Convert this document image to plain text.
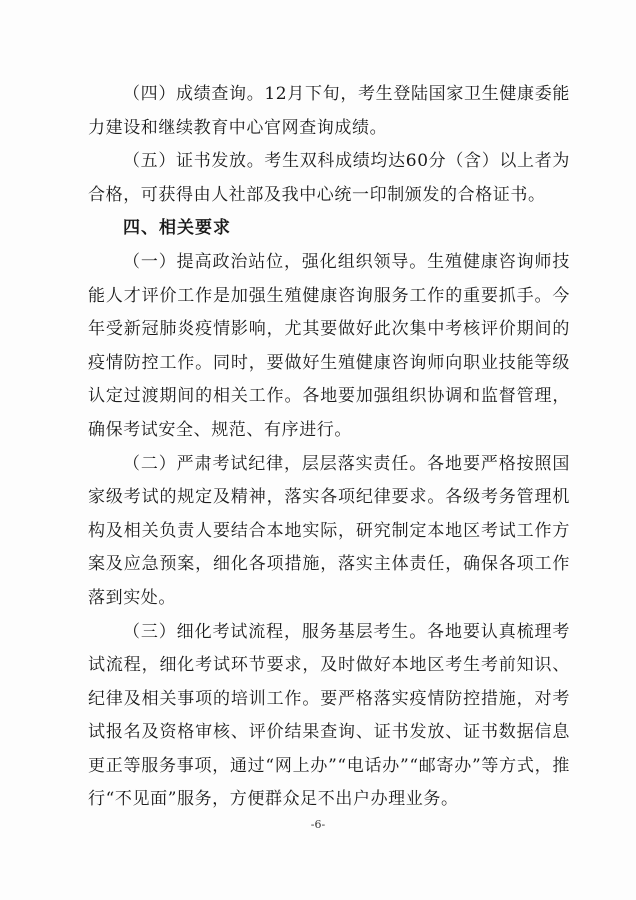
（四）成绩查询。12月下旬，考生登陆国家卫生健康委能力建设和继续教育中心官网查询成绩。

（五）证书发放。考生双科成绩均达60分（含）以上者为合格，可获得由人社部及我中心统一印制颁发的合格证书。

四、相关要求

（一）提高政治站位，强化组织领导。生殖健康咨询师技能人才评价工作是加强生殖健康咨询服务工作的重要抓手。今年受新冠肺炎疫情影响，尤其要做好此次集中考核评价期间的疫情防控工作。同时，要做好生殖健康咨询师向职业技能等级认定过渡期间的相关工作。各地要加强组织协调和监督管理，确保考试安全、规范、有序进行。

（二）严肃考试纪律，层层落实责任。各地要严格按照国家级考试的规定及精神，落实各项纪律要求。各级考务管理机构及相关负责人要结合本地实际，研究制定本地区考试工作方案及应急预案，细化各项措施，落实主体责任，确保各项工作落到实处。

（三）细化考试流程，服务基层考生。各地要认真梳理考试流程，细化考试环节要求，及时做好本地区考生考前知识、纪律及相关事项的培训工作。要严格落实疫情防控措施，对考试报名及资格审核、评价结果查询、证书发放、证书数据信息更正等服务事项，通过“网上办”“电话办”“邮寄办”等方式，推行“不见面”服务，方便群众足不出户办理业务。

-6-
